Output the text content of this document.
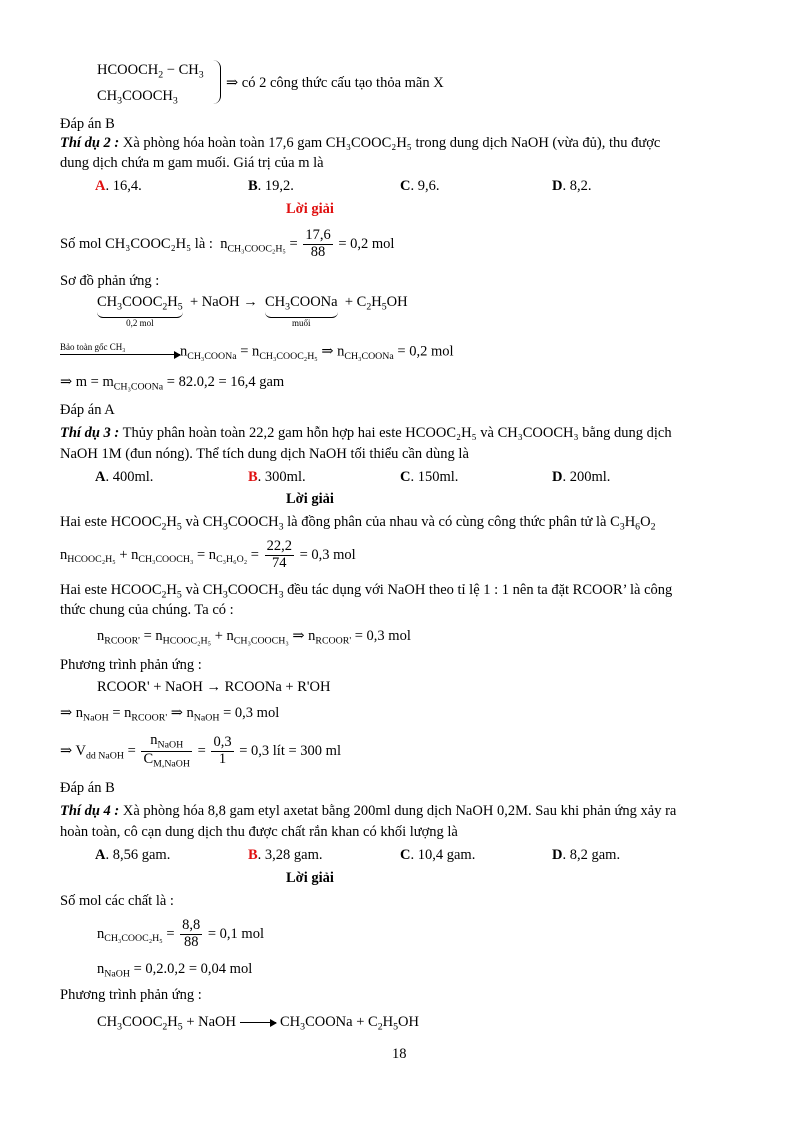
$HCOOCH_2 - CH_3$
$CH_3COOCH_3$
⇒ có 2 công thức cấu tạo thỏa mãn X
Đáp án B
Thí dụ 2 : Xà phòng hóa hoàn toàn 17,6 gam CH₃COOC₂H₅ trong dung dịch NaOH (vừa đủ), thu được
dung dịch chứa m gam muối. Giá trị của m là
A. 16,4.	B. 19,2.	C. 9,6.	D. 8,2.
Lời giải
Số mol CH₃COOC₂H₅ là :  $n_{CH_3COOC_2H_5} = \frac{17,6}{88} = 0,2$ mol
Sơ đồ phản ứng :
$CH_3COOC_2H_5$
0,2 mol
+ NaOH →  $CH_3COONa$
muối
+ $C_2H_5OH$
Bảo toàn gốc CH₃	$n_{CH_3COONa} = n_{CH_3COOC_2H_5}$ ⇒ $n_{CH_3COONa} = 0,2$ mol
⇒ $m = m_{CH_3COONa} = 82.0,2 = 16,4$ gam
Đáp án A
Thí dụ 3 : Thủy phân hoàn toàn 22,2 gam hỗn hợp hai este HCOOC₂H₅ và CH₃COOCH₃ bằng dung dịch
NaOH 1M (đun nóng). Thể tích dung dịch NaOH tối thiểu cần dùng là
A. 400ml.	B. 300ml.	C. 150ml.	D. 200ml.
Lời giải
Hai este $HCOOC_2H_5$ và $CH_3COOCH_3$ là đồng phân của nhau và có cùng công thức phân tử là $C_3H_6O_2$
$n_{HCOOC_2H_5} + n_{CH_3COOCH_3} = n_{C_3H_6O_2} = \frac{22,2}{74} = 0,3$ mol
Hai este $HCOOC_2H_5$ và $CH_3COOCH_3$ đều tác dụng với NaOH theo tỉ lệ 1 : 1 nên ta đặt RCOOR’ là công
thức chung của chúng. Ta có :
$n_{RCOOR'} = n_{HCOOC_2H_5} + n_{CH_3COOCH_3}$ ⇒ $n_{RCOOR'} = 0,3$ mol
Phương trình phản ứng :
RCOOR' + NaOH → RCOONa + R'OH
⇒ $n_{NaOH} = n_{RCOOR'}$ ⇒ $n_{NaOH} = 0,3$ mol
⇒ $V_{dd NaOH} = \frac{n_{NaOH}}{C_{M,NaOH}} = \frac{0,3}{1} = 0,3$ lít = 300 ml
Đáp án B
Thí dụ 4 : Xà phòng hóa 8,8 gam etyl axetat bằng 200ml dung dịch NaOH 0,2M. Sau khi phản ứng xảy ra
hoàn toàn, cô cạn dung dịch thu được chất rắn khan có khối lượng là
A. 8,56 gam.	B. 3,28 gam.	C. 10,4 gam.	D. 8,2 gam.
Lời giải
Số mol các chất là :
$n_{CH_3COOC_2H_5} = \frac{8,8}{88} = 0,1$ mol
$n_{NaOH} = 0,2.0,2 = 0,04$ mol
Phương trình phản ứng :
$CH_3COOC_2H_5$ + NaOH	$CH_3COONa + C_2H_5OH$
18
